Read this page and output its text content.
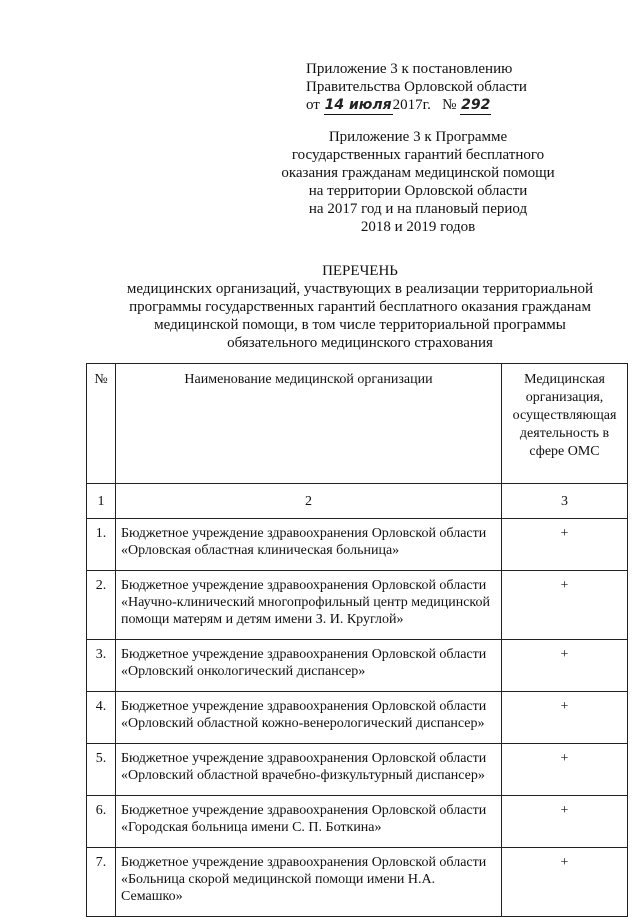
Приложение 3 к постановлению
Правительства Орловской области
от 14 июля2017г. № 292
Приложение 3 к Программе
государственных гарантий бесплатного
оказания гражданам медицинской помощи
на территории Орловской области
на 2017 год и на плановый период
2018 и 2019 годов
ПЕРЕЧЕНЬ
медицинских организаций, участвующих в реализации территориальной
программы государственных гарантий бесплатного оказания гражданам
медицинской помощи, в том числе территориальной программы
обязательного медицинского страхования
№	Наименование медицинской организации	Медицинская
организация,
осуществляющая
деятельность в
сфере ОМС

1	2	3
1.	Бюджетное учреждение здравоохранения Орловской области
«Орловская областная клиническая больница»	+
2.	Бюджетное учреждение здравоохранения Орловской области
«Научно-клинический многопрофильный центр медицинской
помощи матерям и детям имени З. И. Круглой»	+
3.	Бюджетное учреждение здравоохранения Орловской области
«Орловский онкологический диспансер»	+
4.	Бюджетное учреждение здравоохранения Орловской области
«Орловский областной кожно-венерологический диспансер»	+
5.	Бюджетное учреждение здравоохранения Орловской области
«Орловский областной врачебно-физкультурный диспансер»	+
6.	Бюджетное учреждение здравоохранения Орловской области
«Городская больница имени С. П. Боткина»	+
7.	Бюджетное учреждение здравоохранения Орловской области
«Больница скорой медицинской помощи имени Н.А.
Семашко»	+
